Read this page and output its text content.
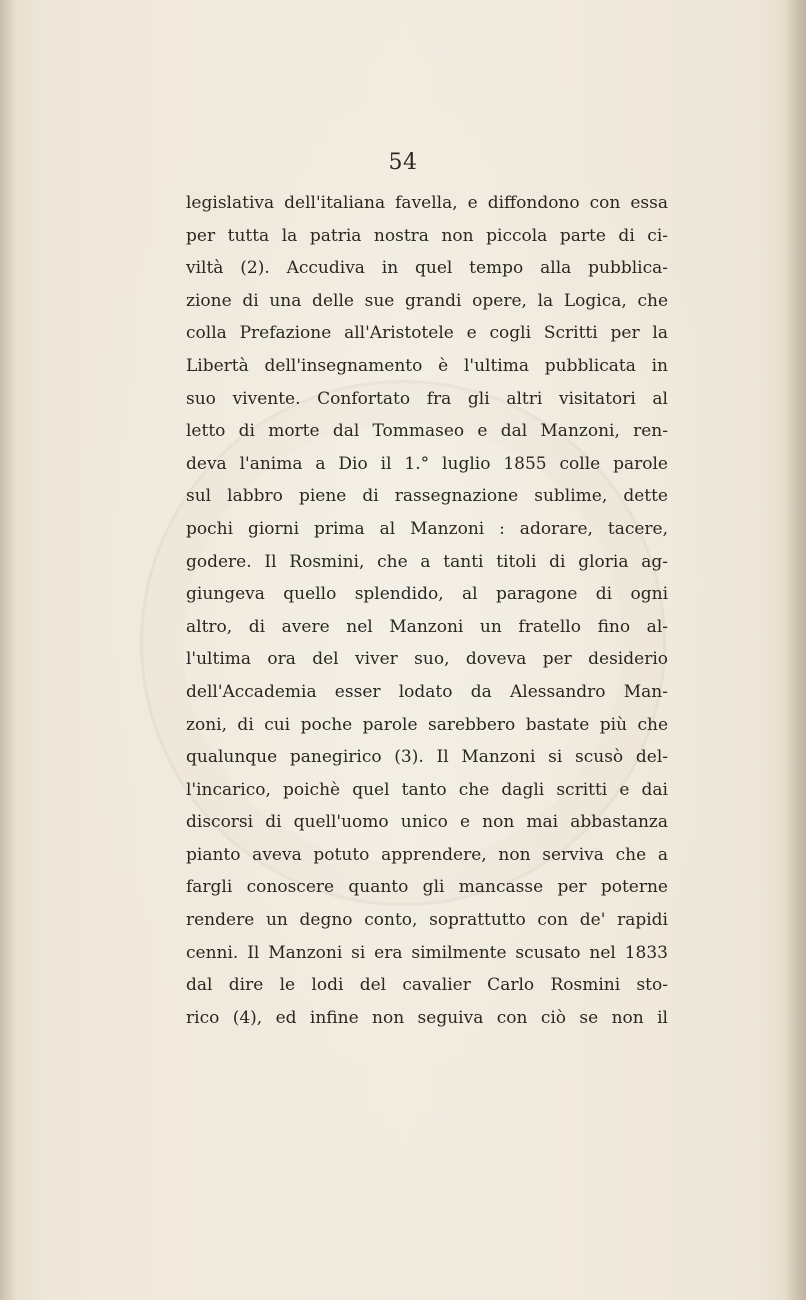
54
legislativa dell'italiana favella, e diffondono con essa
per tutta la patria nostra non piccola parte di ci-
viltà (2). Accudiva in quel tempo alla pubblica-
zione di una delle sue grandi opere, la Logica, che
colla Prefazione all'Aristotele e cogli Scritti per la
Libertà dell'insegnamento è l'ultima pubblicata in
suo vivente. Confortato fra gli altri visitatori al
letto di morte dal Tommaseo e dal Manzoni, ren-
deva l'anima a Dio il 1.° luglio 1855 colle parole
sul labbro piene di rassegnazione sublime, dette
pochi giorni prima al Manzoni : adorare, tacere,
godere. Il Rosmini, che a tanti titoli di gloria ag-
giungeva quello splendido, al paragone di ogni
altro, di avere nel Manzoni un fratello fino al-
l'ultima ora del viver suo, doveva per desiderio
dell'Accademia esser lodato da Alessandro Man-
zoni, di cui poche parole sarebbero bastate più che
qualunque panegirico (3). Il Manzoni si scusò del-
l'incarico, poichè quel tanto che dagli scritti e dai
discorsi di quell'uomo unico e non mai abbastanza
pianto aveva potuto apprendere, non serviva che a
fargli conoscere quanto gli mancasse per poterne
rendere un degno conto, soprattutto con de' rapidi
cenni. Il Manzoni si era similmente scusato nel 1833
dal dire le lodi del cavalier Carlo Rosmini sto-
rico (4), ed infine non seguiva con ciò se non il
